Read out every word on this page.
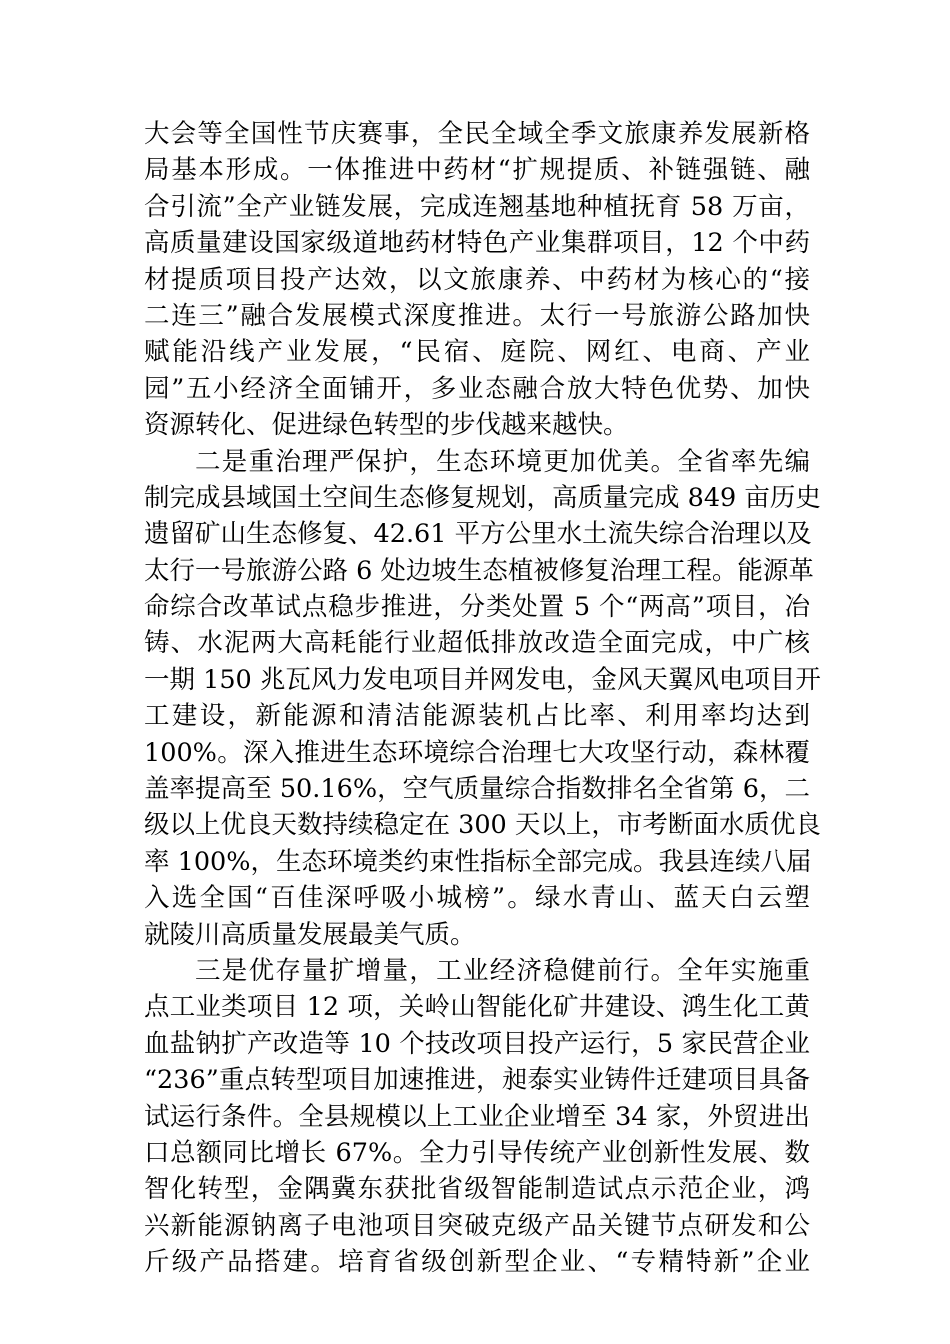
大会等全国性节庆赛事，全民全域全季文旅康养发展新格
局基本形成。一体推进中药材“扩规提质、补链强链、融
合引流”全产业链发展，完成连翘基地种植抚育 58 万亩，
高质量建设国家级道地药材特色产业集群项目，12 个中药
材提质项目投产达效，以文旅康养、中药材为核心的“接
二连三”融合发展模式深度推进。太行一号旅游公路加快
赋能沿线产业发展，“民宿、庭院、网红、电商、产业
园”五小经济全面铺开，多业态融合放大特色优势、加快
资源转化、促进绿色转型的步伐越来越快。
二是重治理严保护，生态环境更加优美。全省率先编
制完成县域国土空间生态修复规划，高质量完成 849 亩历史
遗留矿山生态修复、42.61 平方公里水土流失综合治理以及
太行一号旅游公路 6 处边坡生态植被修复治理工程。能源革
命综合改革试点稳步推进，分类处置 5 个“两高”项目，冶
铸、水泥两大高耗能行业超低排放改造全面完成，中广核
一期 150 兆瓦风力发电项目并网发电，金风天翼风电项目开
工建设，新能源和清洁能源装机占比率、利用率均达到
100%。深入推进生态环境综合治理七大攻坚行动，森林覆
盖率提高至 50.16%，空气质量综合指数排名全省第 6，二
级以上优良天数持续稳定在 300 天以上，市考断面水质优良
率 100%，生态环境类约束性指标全部完成。我县连续八届
入选全国“百佳深呼吸小城榜”。绿水青山、蓝天白云塑
就陵川高质量发展最美气质。
三是优存量扩增量，工业经济稳健前行。全年实施重
点工业类项目 12 项，关岭山智能化矿井建设、鸿生化工黄
血盐钠扩产改造等 10 个技改项目投产运行，5 家民营企业
“236”重点转型项目加速推进，昶泰实业铸件迁建项目具备
试运行条件。全县规模以上工业企业增至 34 家，外贸进出
口总额同比增长 67%。全力引导传统产业创新性发展、数
智化转型，金隅冀东获批省级智能制造试点示范企业，鸿
兴新能源钠离子电池项目突破克级产品关键节点研发和公
斤级产品搭建。培育省级创新型企业、“专精特新”企业
